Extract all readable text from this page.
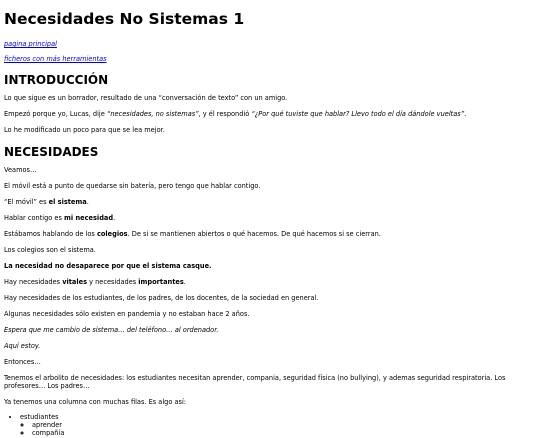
Necesidades No Sistemas 1

pagina principal

ficheros con más herramientas

INTRODUCCIÓN

Lo que sigue es un borrador, resultado de una “conversación de texto” con un amigo.

Empezó porque yo, Lucas, dije “necesidades, no sistemas”, y él respondió “¿Por qué tuviste que hablar? Llevo todo el día dándole vueltas”.

Lo he modificado un poco para que se lea mejor.

NECESIDADES

Veamos…

El móvil está a punto de quedarse sin batería, pero tengo que hablar contigo.

“El móvil” es el sistema.

Hablar contigo es mi necesidad.

Estábamos hablando de los colegios. De si se mantienen abiertos o qué hacemos. De qué hacemos si se cierran.

Los colegios son el sistema.

La necesidad no desaparece por que el sistema casque.

Hay necesidades vitales y necesidades importantes.

Hay necesidades de los estudiantes, de los padres, de los docentes, de la sociedad en general.

Algunas necesidades sólo existen en pandemia y no estaban hace 2 años.

Espera que me cambio de sistema… del teléfono… al ordenador.

Aquí estoy.

Entonces…

Tenemos el arbolito de necesidades: los estudiantes necesitan aprender, compania, seguridad física (no bullying), y ademas seguridad respiratoria. Los profesores… Los padres…

Ya tenemos una columna con muchas filas. Es algo así:

• estudiantes
◦ aprender
◦ compañía
